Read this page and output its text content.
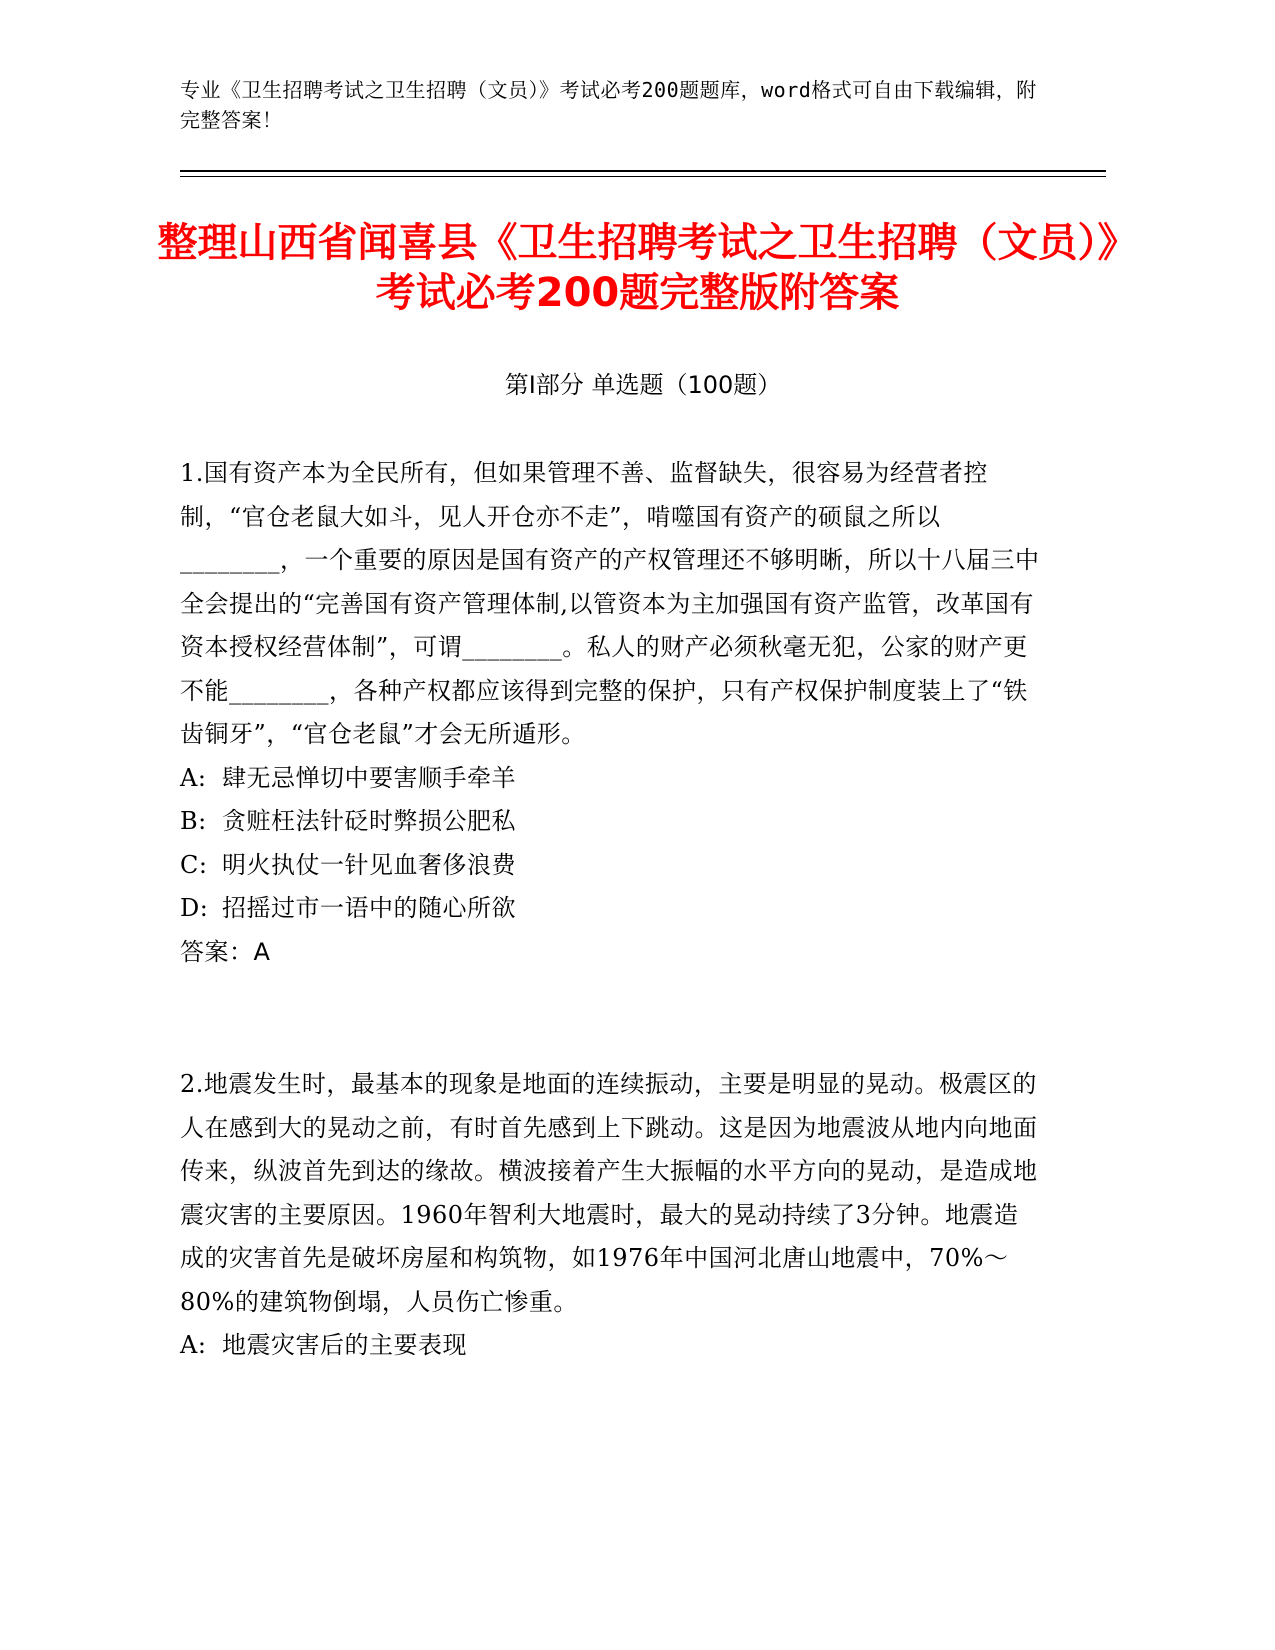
专业《卫生招聘考试之卫生招聘（文员）》考试必考200题题库，word格式可自由下载编辑，附完整答案！
整理山西省闻喜县《卫生招聘考试之卫生招聘（文员）》考试必考200题完整版附答案
第I部分 单选题（100题）

1.国有资产本为全民所有，但如果管理不善、监督缺失，很容易为经营者控制，“官仓老鼠大如斗，见人开仓亦不走”，啃噬国有资产的硕鼠之所以________，一个重要的原因是国有资产的产权管理还不够明晰，所以十八届三中全会提出的“完善国有资产管理体制,以管资本为主加强国有资产监管，改革国有资本授权经营体制”，可谓________。私人的财产必须秋毫无犯，公家的财产更不能________，各种产权都应该得到完整的保护，只有产权保护制度装上了“铁齿铜牙”，“官仓老鼠”才会无所遁形。

A: 肆无忌惮切中要害顺手牵羊

B: 贪赃枉法针砭时弊损公肥私

C: 明火执仗一针见血奢侈浪费

D: 招摇过市一语中的随心所欲

答案：A

2.地震发生时，最基本的现象是地面的连续振动，主要是明显的晃动。极震区的人在感到大的晃动之前，有时首先感到上下跳动。这是因为地震波从地内向地面传来，纵波首先到达的缘故。横波接着产生大振幅的水平方向的晃动，是造成地震灾害的主要原因。1960年智利大地震时，最大的晃动持续了3分钟。地震造成的灾害首先是破坏房屋和构筑物，如1976年中国河北唐山地震中，70%～80%的建筑物倒塌，人员伤亡惨重。

A: 地震灾害后的主要表现
